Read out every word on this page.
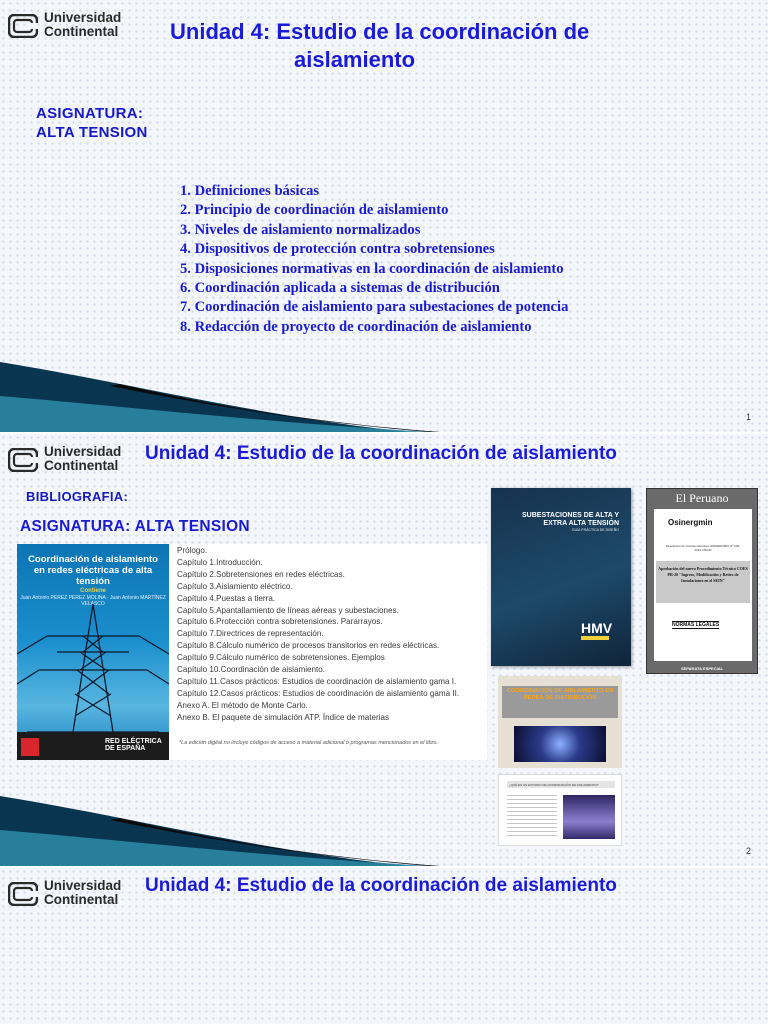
Universidad
Continental Unidad 4: Estudio de la coordinación de
aislamiento
ASIGNATURA:
ALTA TENSION
1. Definiciones básicas
2. Principio de coordinación de aislamiento
3. Niveles de aislamiento normalizados
4. Dispositivos de protección contra sobretensiones
5. Disposiciones normativas en la coordinación de aislamiento
6. Coordinación aplicada a sistemas de distribución
7. Coordinación de aislamiento para subestaciones de potencia
8. Redacción de proyecto de coordinación de aislamiento
1
Universidad
Continental
Unidad 4: Estudio de la coordinación de aislamiento
BIBLIOGRAFIA:
ASIGNATURA: ALTA TENSION
Coordinación de aislamiento en redes eléctricas de alta tensión
Contiene
Juan Antonio PEREZ PEREZ MOLINA · Juan Antonio MARTÍNEZ VELASCO
RED ELÉCTRICA DE ESPAÑA
Prólogo.
Capítulo 1.Introducción.
Capítulo 2.Sobretensiones en redes eléctricas.
Capítulo 3.Aislamiento eléctrico.
Capítulo 4.Puestas a tierra.
Capítulo 5.Apantallamiento de líneas aéreas y subestaciones.
Capítulo 6.Protección contra sobretensiones. Pararrayos.
Capítulo 7.Directrices de representación.
Capítulo 8.Cálculo numérico de procesos transitorios en redes eléctricas.
Capítulo 9.Cálculo numérico de sobretensiones. Ejemplos
Capítulo 10.Coordinación de aislamiento.
Capítulo 11.Casos prácticos: Estudios de coordinación de aislamiento gama I.
Capítulo 12.Casos prácticos: Estudios de coordinación de aislamiento gama II.
Anexo A. El método de Monte Carlo.
Anexo B. El paquete de simulación ATP. Índice de materias
*La edición digital no incluye códigos de acceso a material adicional o programas mencionados en el libro.
SUBESTACIONES DE ALTA Y EXTRA ALTA TENSIÓN
GUÍA PRÁCTICA DE DISEÑO
HMV
El Peruano
Osinergmin
Resolución de Consejo Directivo OSINERGMIN Nº 035-2013-OS/CD
Aprobación del nuevo Procedimiento Técnico COES PR-20 "Ingreso, Modificación y Retiro de Instalaciones en el SEIN"
NORMAS LEGALES
SEPARATA ESPECIAL
COORDINACIÓN DE AISLAMIENTO EN REDES DE DISTRIBUCIÓN
¿QUÉ ES UN ESTUDIO DE COORDINACIÓN DE AISLAMIENTO?
2
Universidad
Continental
Unidad 4: Estudio de la coordinación de aislamiento
